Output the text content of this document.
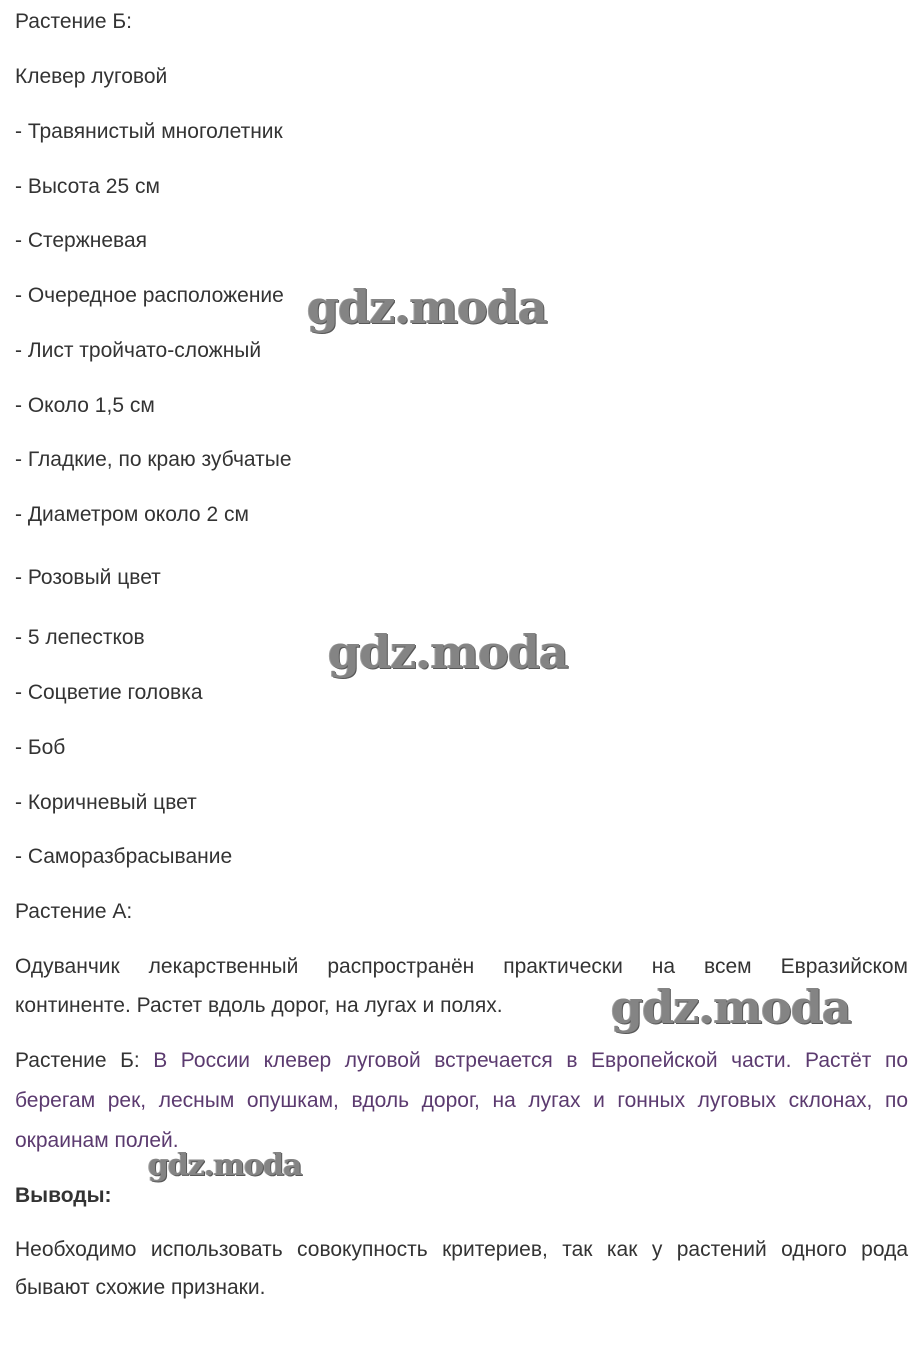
Растение Б:
Клевер луговой
- Травянистый многолетник
- Высота 25 см
- Стержневая
- Очередное расположение
- Лист тройчато-сложный
- Около 1,5 см
- Гладкие, по краю зубчатые
- Диаметром около 2 см
- Розовый цвет
- 5 лепестков
- Соцветие головка
- Боб
- Коричневый цвет
- Саморазбрасывание
Растение А:
Одуванчик лекарственный распространён практически на всем Евразийском
континенте. Растет вдоль дорог, на лугах и полях.
Растение Б: В России клевер луговой встречается в Европейской части. Растёт по
берегам рек, лесным опушкам, вдоль дорог, на лугах и гонных луговых склонах, по
окраинам полей.
Выводы:
Необходимо использовать совокупность критериев, так как у растений одного рода
бывают схожие признаки.
gdz.moda
gdz.moda
gdz.moda
gdz.moda
